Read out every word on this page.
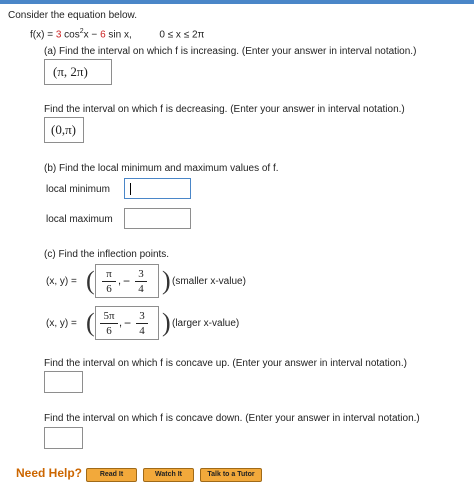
Consider the equation below.
f(x) = 3 $\cos^2x - 6$ sin x,	0 ≤ x ≤ 2π
(a) Find the interval on which f is increasing. (Enter your answer in interval notation.)
(π, 2π)
Find the interval on which f is decreasing. (Enter your answer in interval notation.)
(0,π)
(b) Find the local minimum and maximum values of f.
local minimum
local maximum
(c) Find the inflection points.
(x, y) = (	π
6
, − 3
4 ) (smaller x-value)
(x, y) = ( 5π
6
, − 3
4 ) (larger x-value)
Find the interval on which f is concave up. (Enter your answer in interval notation.)
Find the interval on which f is concave down. (Enter your answer in interval notation.)
Need Help?	Read It	Watch It	Talk to a Tutor
